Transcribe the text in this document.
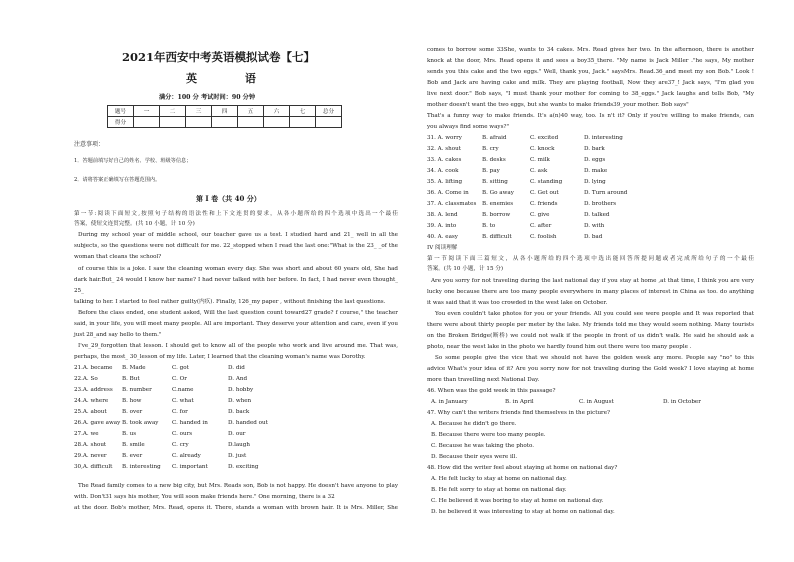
2021年西安中考英语模拟试卷【七】
英 语
满分：100 分 考试时间：90 分钟
题号	一	二	三	四	五	六	七	总分
得分								
注意事项：
1．答题前填写好自己的姓名、学校、班级等信息；
2．请将答案正确填写在答题范围内。
第 I 卷（共 40 分）
第一节:阅读下面短文,按照句子结构的语法性和上下文连贯的要求，从各小题所给的四个选项中选出一个最佳
答案，使短文连贯完整。(共 10 小题，计 10 分)
During my school year of middle school, our teacher gave us a test. I studied hard and 21_ well in all the
subjects, so the questions were not difficult for me. 22_stopped when I read the last one:"What is the 23_ _of the
woman that cleans the school?
of course this is a joke. I saw the cleaning woman every day. She was short and about 60 years old, She had
dark hair.But_ 24 would I know her name? I had never talked with her before. In fact, I had never even thought_
25_
talking to her. I started to feel rather guilty(内疚). Finally, 126_my paper , without finishing the last questions.
Before the class ended, one student asked, Will the last question count toward27 grade? f course," the teacher
said, in your life, you will meet many people. All are important. They deserve your attention and care, even if you
just 28_and say hello to them."
I've_29_forgotten that lesson. I should get to know all of the people who work and live around me. That was,
perhaps, the most_ 30_lesson of my life. Later, I learned that the cleaning woman's name was Dorothy.
21.A. became B. Made	C. got	D. did
22.A. So	B. But	C. Or	D. And
23.A. address B. number	C.name	D. hobby
24.A. where B. how	C. what	D. when
25.A. about	B. over	C. for	D. back
26.A. gave away B. took away C. handed in	D. handed out
27.A. we	B. us	C. ours	D. our
28.A. shout	B. smile	C. cry	D.laugh
29.A. never	B. ever	C. already	D. just
30,A. difficult B. interesting C. important	D. exciting
The Read family comes to a new big city, but Mrs. Reads son, Bob is not happy. He doesn't have anyone to play
with. Don't31 says his mother, You will soon make friends here." One morning, there is a 32
at the door. Bob's mother, Mrs. Read, opens it. There, stands a woman with brown hair. It is Mrs. Miller, She
comes to borrow some 33She, wants to 34 cakes. Mrs. Read gives her two. In the afternoon, there is another
knock at the door, Mrs. Read opens it and sees a boy35_there. "My name is Jack Miller ."he says, My mother
sends you this cake and the two eggs." Well, thank you, Jack." saysMrs. Read.36_and meet my son Bob." Look !
Bob and Jack are having cake and milk. They are playing football, Now they are37_! Jack says, "I'm glad you
live next door." Bob says, "I must thank your mother for coming to 38_eggs." Jack laughs and tells Bob, "My
mother doesn't want the two eggs, but she wants to make friends39_your mother. Bob says"
That's a funny way to make friends. It's a(n)40 way, too. Is n't it? Only if you're willing to make friends, can
you always find some ways?"
31. A. worry	B. afraid	C. excited	D. interesting
32. A. shout	B. cry	C. knock	D. bark
33. A. cakes	B. desks	C. milk	D. eggs
34. A. cook	B. pay	C. ask	D. make
35. A. lifting	B. sitting	C. standing	D. lying
36. A. Come in B. Go away	C. Get out	D. Turn around
37. A. classmates B. enemies	C. friends	D. brothers
38. A. lend	B. borrow	C. give	D. talked
39. A. into	B. to	C. after	D. with
40. A. easy	B. difficult	C. foolish	D. bad
IV 阅读理解
第一节阅读下面三篇短文，从各小题所给的四个选项中选出能回答所提问题或者完成所给句子的一个最佳
答案。(共 10 小题，计 15 分)
Are you sorry for not traveling during the last national day if you stay at home ,at that time, I think you are very
lucky one because there are too many people everywhere in many places of interest in China as too. do anything
it was said that it was too crowded in the west lake on October.
You even couldn't take photos for you or your friends. All you could see were people and It was reported that
there were about thirty people per meter by the lake. My friends told me they would seem nothing. Many tourists
on the Broken Bridge(断桥) we could not walk if the people in front of us didn't walk. He said he should ask a
photo, near the west lake in the photo we hardly found him out there were too many people .
So some people give the vice that we should not have the golden week any more. People say "no" to this
advice What's your idea of it? Are you sorry now for not traveling during the Gold week? I love staying at home
more than travelling next National Day.
46. When was the gold week in this passage?
A. in January	B. in April	C. in August	D. in October
47. Why can't the writers friends find themselves in the picture?
A. Because he didn't go there.
B. Because there were too many people.
C. Because he was taking the photo.
D. Because their eyes were ill.
48. How did the writer feel about staying at home on national day?
A. He felt lucky to stay at home on national day.
B. He felt sorry to stay at home on national day.
C. He believed it was boring to stay at home on national day.
D. he believed it was interesting to stay at home on national day.
